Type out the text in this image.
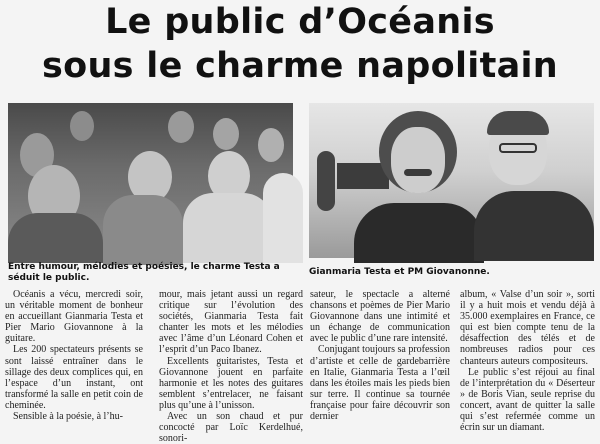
Le public d’Océanis
sous le charme napolitain

Entre humour, mélodies et poésies, le charme Testa a séduit le public.

Gianmaria Testa et PM Giovanonne.

Océanis a vécu, mercredi soir, un véritable moment de bonheur en accueillant Gianmaria Testa et Pier Mario Giovannone à la guitare.

Les 200 spectateurs présents se sont laissé entraîner dans le sillage des deux complices qui, en l’espace d’un instant, ont transformé la salle en petit coin de cheminée.

Sensible à la poésie, à l’hu-

mour, mais jetant aussi un regard critique sur l’évolution des sociétés, Gianmaria Testa fait chanter les mots et les mélodies avec l’âme d’un Léonard Cohen et l’esprit d’un Paco Ibanez.

Excellents guitaristes, Testa et Giovannone jouent en parfaite harmonie et les notes des guitares semblent s’entrelacer, ne faisant plus qu’une à l’unisson.

Avec un son chaud et pur concocté par Loïc Kerdelhué, sonori-

sateur, le spectacle a alterné chansons et poèmes de Pier Mario Giovannone dans une intimité et un échange de communication avec le public d’une rare intensité.

Conjugant toujours sa profession d’artiste et celle de gardebarrière en Italie, Gianmaria Testa a l’œil dans les étoiles mais les pieds bien sur terre. Il continue sa tournée française pour faire découvrir son dernier

album, « Valse d’un soir », sorti il y a huit mois et vendu déjà à 35.000 exemplaires en France, ce qui est bien compte tenu de la désaffection des télés et de nombreuses radios pour ces chanteurs auteurs compositeurs.

Le public s’est réjoui au final de l’interprétation du « Déserteur » de Boris Vian, seule reprise du concert, avant de quitter la salle qui s’est refermée comme un écrin sur un diamant.
